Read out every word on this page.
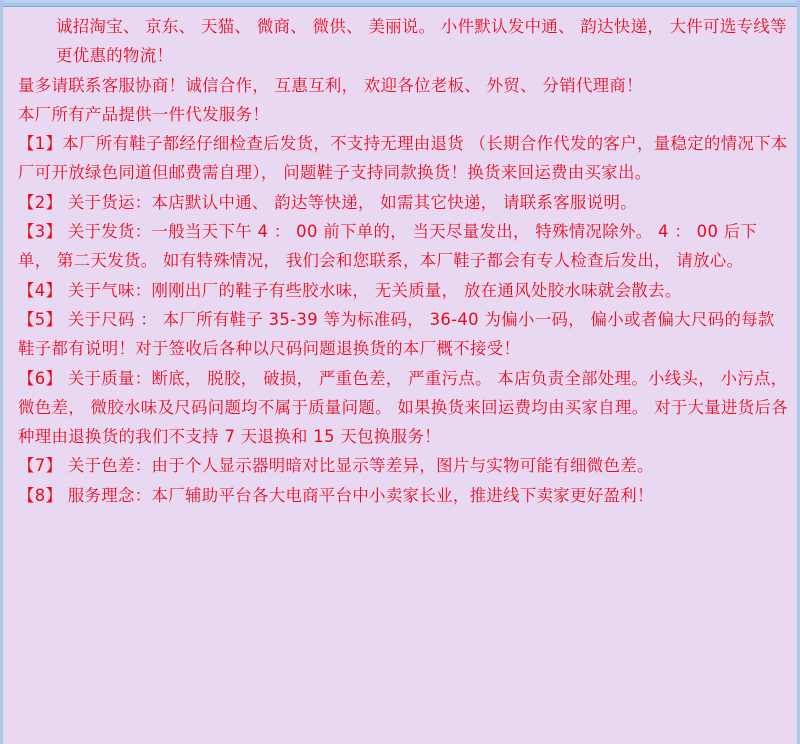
诚招淘宝、 京东、 天猫、 微商、 微供、 美丽说。 小件默认发中通、 韵达快递， 大件可选专线等更优惠的物流！

量多请联系客服协商！诚信合作， 互惠互利， 欢迎各位老板、 外贸、 分销代理商！

本厂所有产品提供一件代发服务！

【1】本厂所有鞋子都经仔细检查后发货，不支持无理由退货 （长期合作代发的客户，量稳定的情况下本厂可开放绿色同道但邮费需自理）， 问题鞋子支持同款换货！换货来回运费由买家出。

【2】 关于货运：本店默认中通、 韵达等快递， 如需其它快递， 请联系客服说明。

【3】 关于发货：一般当天下午 4 ： 00 前下单的， 当天尽量发出， 特殊情况除外。 4 ： 00 后下单， 第二天发货。 如有特殊情况， 我们会和您联系，本厂鞋子都会有专人检查后发出， 请放心。

【4】 关于气味：刚刚出厂的鞋子有些胶水味， 无关质量， 放在通风处胶水味就会散去。

【5】 关于尺码 ： 本厂所有鞋子 35-39 等为标准码， 36-40 为偏小一码， 偏小或者偏大尺码的每款鞋子都有说明！对于签收后各种以尺码问题退换货的本厂概不接受！

【6】 关于质量：断底， 脱胶， 破损， 严重色差， 严重污点。 本店负责全部处理。小线头， 小污点， 微色差， 微胶水味及尺码问题均不属于质量问题。 如果换货来回运费均由买家自理。 对于大量进货后各种理由退换货的我们不支持 7 天退换和 15 天包换服务！

【7】 关于色差：由于个人显示器明暗对比显示等差异，图片与实物可能有细微色差。

【8】 服务理念：本厂辅助平台各大电商平台中小卖家长业，推进线下卖家更好盈利！
